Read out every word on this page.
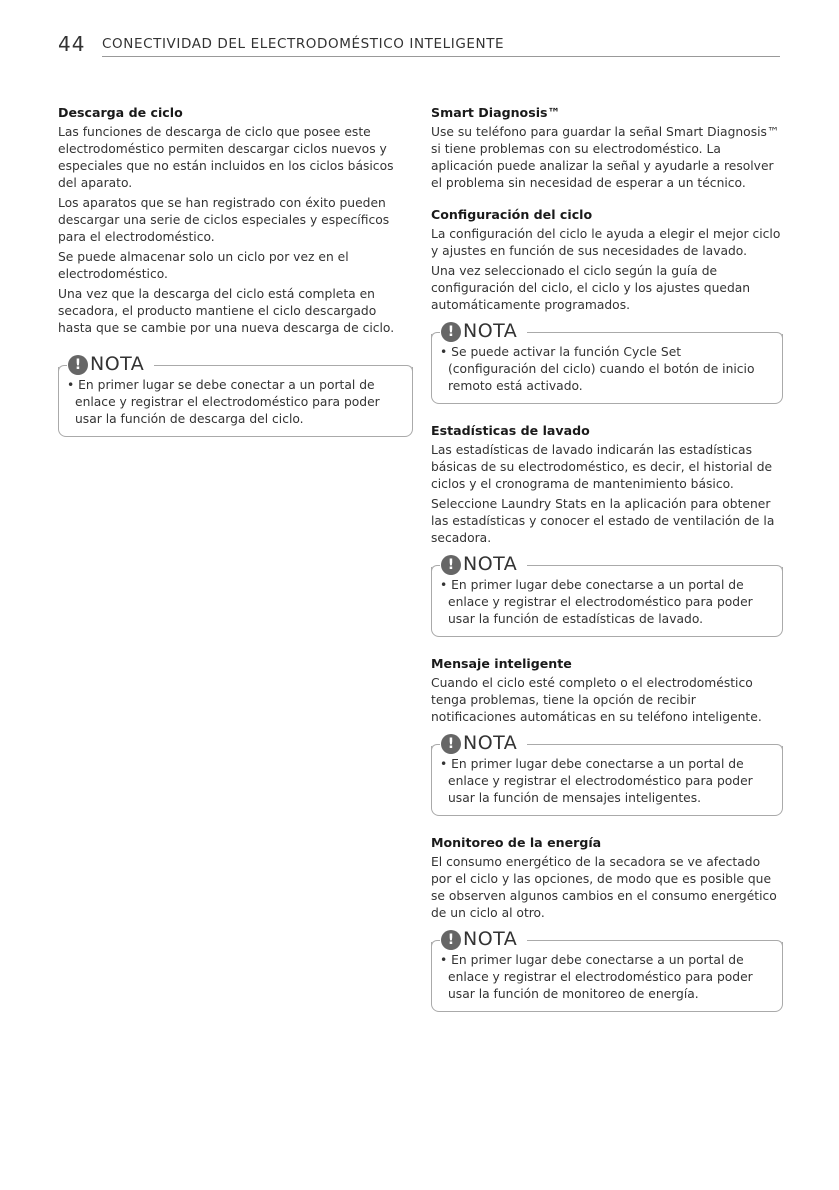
44 CONECTIVIDAD DEL ELECTRODOMÉSTICO INTELIGENTE
Descarga de ciclo

Las funciones de descarga de ciclo que posee este electrodoméstico permiten descargar ciclos nuevos y especiales que no están incluidos en los ciclos básicos del aparato.

Los aparatos que se han registrado con éxito pueden descargar una serie de ciclos especiales y específicos para el electrodoméstico.

Se puede almacenar solo un ciclo por vez en el electrodoméstico.

Una vez que la descarga del ciclo está completa en secadora, el producto mantiene el ciclo descargado hasta que se cambie por una nueva descarga de ciclo.

! NOTA

• En primer lugar se debe conectar a un portal de enlace y registrar el electrodoméstico para poder usar la función de descarga del ciclo.

Smart Diagnosis™

Use su teléfono para guardar la señal Smart Diagnosis™ si tiene problemas con su electrodoméstico. La aplicación puede analizar la señal y ayudarle a resolver el problema sin necesidad de esperar a un técnico.

Configuración del ciclo

La configuración del ciclo le ayuda a elegir el mejor ciclo y ajustes en función de sus necesidades de lavado.

Una vez seleccionado el ciclo según la guía de configuración del ciclo, el ciclo y los ajustes quedan automáticamente programados.

! NOTA

• Se puede activar la función Cycle Set (configuración del ciclo) cuando el botón de inicio remoto está activado.

Estadísticas de lavado

Las estadísticas de lavado indicarán las estadísticas básicas de su electrodoméstico, es decir, el historial de ciclos y el cronograma de mantenimiento básico.

Seleccione Laundry Stats en la aplicación para obtener las estadísticas y conocer el estado de ventilación de la secadora.

! NOTA

• En primer lugar debe conectarse a un portal de enlace y registrar el electrodoméstico para poder usar la función de estadísticas de lavado.

Mensaje inteligente

Cuando el ciclo esté completo o el electrodoméstico tenga problemas, tiene la opción de recibir notificaciones automáticas en su teléfono inteligente.

! NOTA

• En primer lugar debe conectarse a un portal de enlace y registrar el electrodoméstico para poder usar la función de mensajes inteligentes.

Monitoreo de la energía

El consumo energético de la secadora se ve afectado por el ciclo y las opciones, de modo que es posible que se observen algunos cambios en el consumo energético de un ciclo al otro.

! NOTA

• En primer lugar debe conectarse a un portal de enlace y registrar el electrodoméstico para poder usar la función de monitoreo de energía.
